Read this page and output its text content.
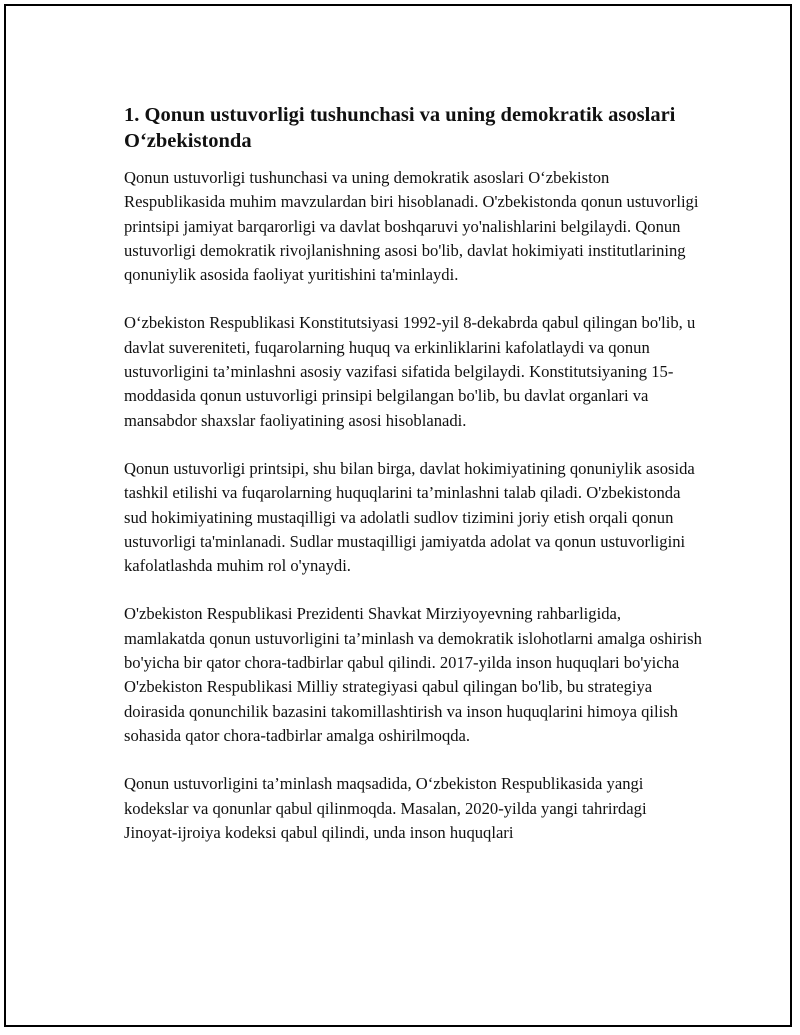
1. Qonun ustuvorligi tushunchasi va uning demokratik asoslari O‘zbekistonda

Qonun ustuvorligi tushunchasi va uning demokratik asoslari O‘zbekiston Respublikasida muhim mavzulardan biri hisoblanadi. O'zbekistonda qonun ustuvorligi printsipi jamiyat barqarorligi va davlat boshqaruvi yo'nalishlarini belgilaydi. Qonun ustuvorligi demokratik rivojlanishning asosi bo'lib, davlat hokimiyati institutlarining qonuniylik asosida faoliyat yuritishini ta'minlaydi.

O‘zbekiston Respublikasi Konstitutsiyasi 1992-yil 8-dekabrda qabul qilingan bo'lib, u davlat suvereniteti, fuqarolarning huquq va erkinliklarini kafolatlaydi va qonun ustuvorligini ta’minlashni asosiy vazifasi sifatida belgilaydi. Konstitutsiyaning 15-moddasida qonun ustuvorligi prinsipi belgilangan bo'lib, bu davlat organlari va mansabdor shaxslar faoliyatining asosi hisoblanadi.

Qonun ustuvorligi printsipi, shu bilan birga, davlat hokimiyatining qonuniylik asosida tashkil etilishi va fuqarolarning huquqlarini ta’minlashni talab qiladi. O'zbekistonda sud hokimiyatining mustaqilligi va adolatli sudlov tizimini joriy etish orqali qonun ustuvorligi ta'minlanadi. Sudlar mustaqilligi jamiyatda adolat va qonun ustuvorligini kafolatlashda muhim rol o'ynaydi.

O'zbekiston Respublikasi Prezidenti Shavkat Mirziyoyevning rahbarligida, mamlakatda qonun ustuvorligini ta’minlash va demokratik islohotlarni amalga oshirish bo'yicha bir qator chora-tadbirlar qabul qilindi. 2017-yilda inson huquqlari bo'yicha O'zbekiston Respublikasi Milliy strategiyasi qabul qilingan bo'lib, bu strategiya doirasida qonunchilik bazasini takomillashtirish va inson huquqlarini himoya qilish sohasida qator chora-tadbirlar amalga oshirilmoqda.

Qonun ustuvorligini ta’minlash maqsadida, O‘zbekiston Respublikasida yangi kodekslar va qonunlar qabul qilinmoqda. Masalan, 2020-yilda yangi tahrirdagi Jinoyat-ijroiya kodeksi qabul qilindi, unda inson huquqlari
